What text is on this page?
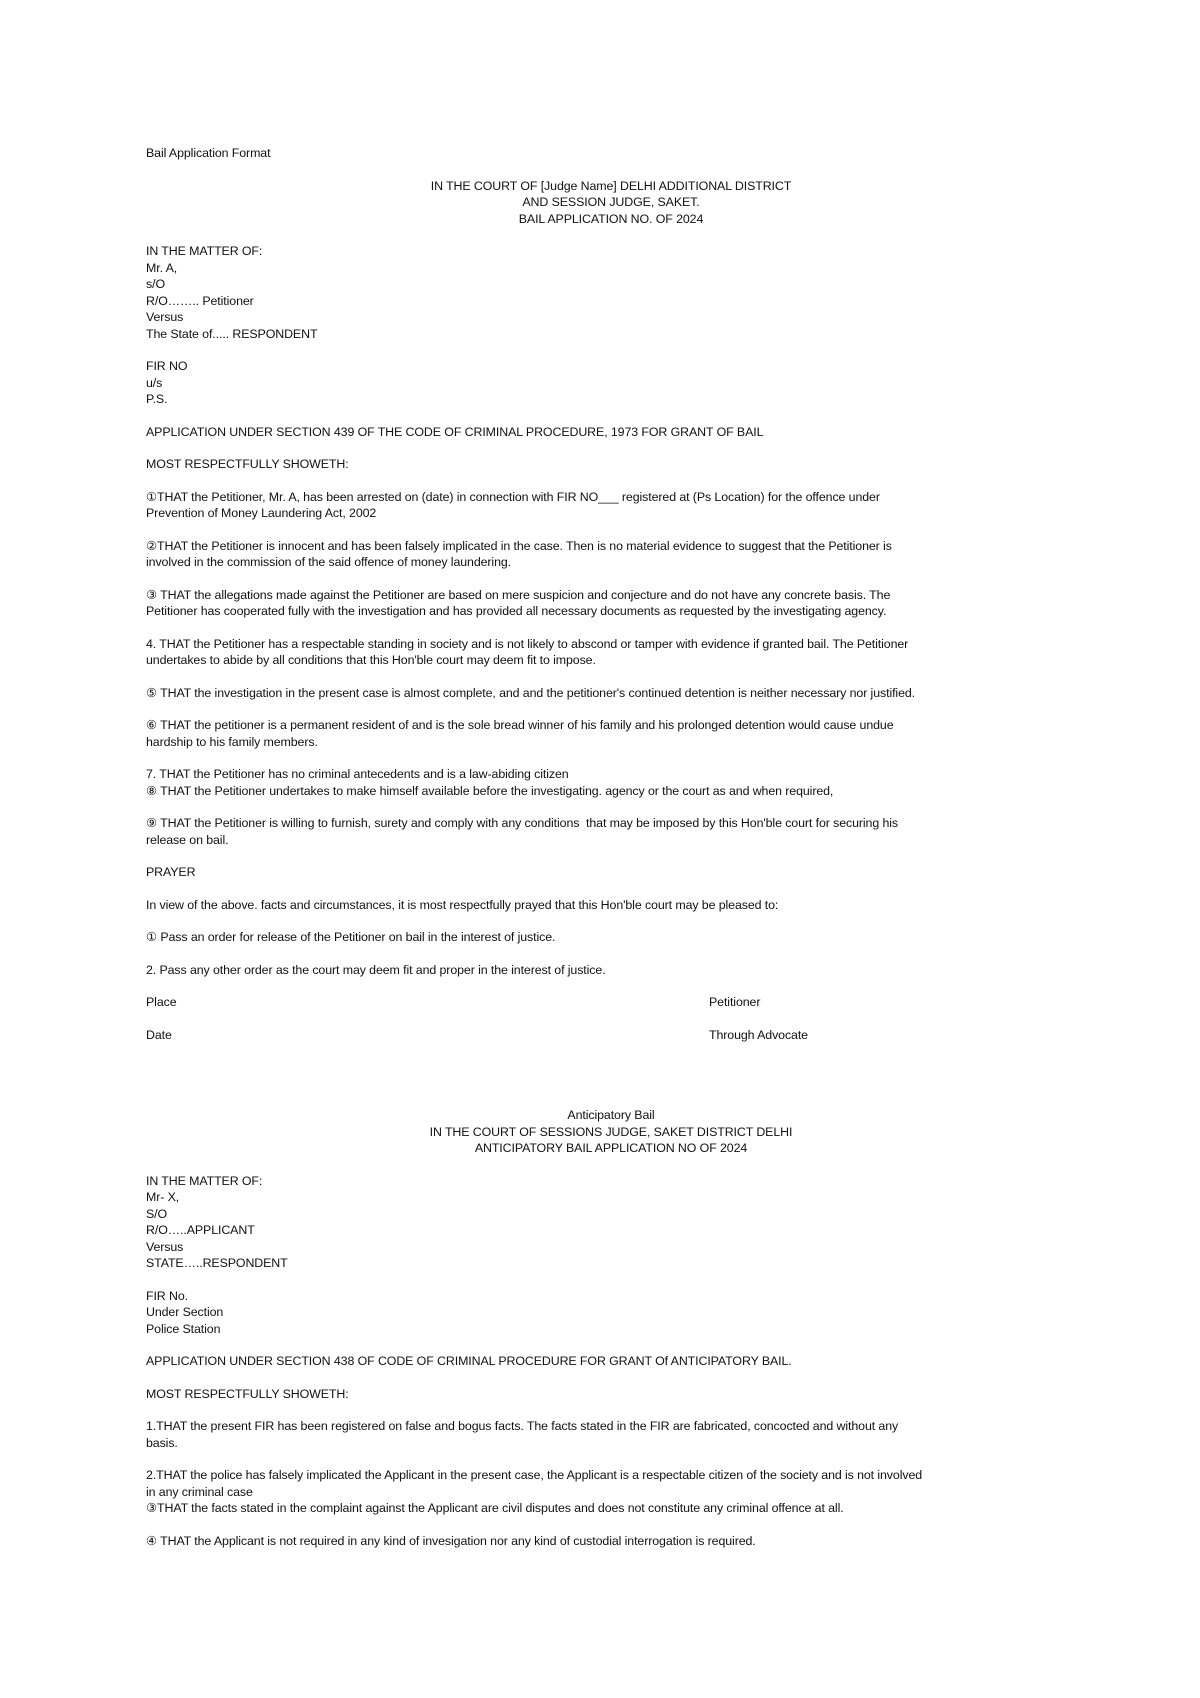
Bail Application Format
IN THE COURT OF [Judge Name] DELHI ADDITIONAL DISTRICT
AND SESSION JUDGE, SAKET.
BAIL APPLICATION NO. OF 2024
IN THE MATTER OF:
Mr. A,
s/O
R/O…….. Petitioner
Versus
The State of..... RESPONDENT
FIR NO
u/s
P.S.
APPLICATION UNDER SECTION 439 OF THE CODE OF CRIMINAL PROCEDURE, 1973 FOR GRANT OF BAIL
MOST RESPECTFULLY SHOWETH:
①THAT the Petitioner, Mr. A, has been arrested on (date) in connection with FIR NO___ registered at (Ps Location) for the offence under
Prevention of Money Laundering Act, 2002
②THAT the Petitioner is innocent and has been falsely implicated in the case. Then is no material evidence to suggest that the Petitioner is
involved in the commission of the said offence of money laundering.
③ THAT the allegations made against the Petitioner are based on mere suspicion and conjecture and do not have any concrete basis. The
Petitioner has cooperated fully with the investigation and has provided all necessary documents as requested by the investigating agency.
4. THAT the Petitioner has a respectable standing in society and is not likely to abscond or tamper with evidence if granted bail. The Petitioner
undertakes to abide by all conditions that this Hon'ble court may deem fit to impose.
⑤ THAT the investigation in the present case is almost complete, and and the petitioner's continued detention is neither necessary nor justified.
⑥ THAT the petitioner is a permanent resident of and is the sole bread winner of his family and his prolonged detention would cause undue
hardship to his family members.
7. THAT the Petitioner has no criminal antecedents and is a law-abiding citizen
⑧ THAT the Petitioner undertakes to make himself available before the investigating. agency or the court as and when required,
⑨ THAT the Petitioner is willing to furnish, surety and comply with any conditions  that may be imposed by this Hon'ble court for securing his
release on bail.
PRAYER
In view of the above. facts and circumstances, it is most respectfully prayed that this Hon'ble court may be pleased to:
① Pass an order for release of the Petitioner on bail in the interest of justice.
2. Pass any other order as the court may deem fit and proper in the interest of justice.
Place	Petitioner
Date	Through Advocate
Anticipatory Bail
IN THE COURT OF SESSIONS JUDGE, SAKET DISTRICT DELHI
ANTICIPATORY BAIL APPLICATION NO OF 2024
IN THE MATTER OF:
Mr- X,
S/O
R/O…..APPLICANT
Versus
STATE…..RESPONDENT
FIR No.
Under Section
Police Station
APPLICATION UNDER SECTION 438 OF CODE OF CRIMINAL PROCEDURE FOR GRANT Of ANTICIPATORY BAIL.
MOST RESPECTFULLY SHOWETH:
1.THAT the present FIR has been registered on false and bogus facts. The facts stated in the FIR are fabricated, concocted and without any
basis.
2.THAT the police has falsely implicated the Applicant in the present case, the Applicant is a respectable citizen of the society and is not involved
in any criminal case
③THAT the facts stated in the complaint against the Applicant are civil disputes and does not constitute any criminal offence at all.
④ THAT the Applicant is not required in any kind of invesigation nor any kind of custodial interrogation is required.
